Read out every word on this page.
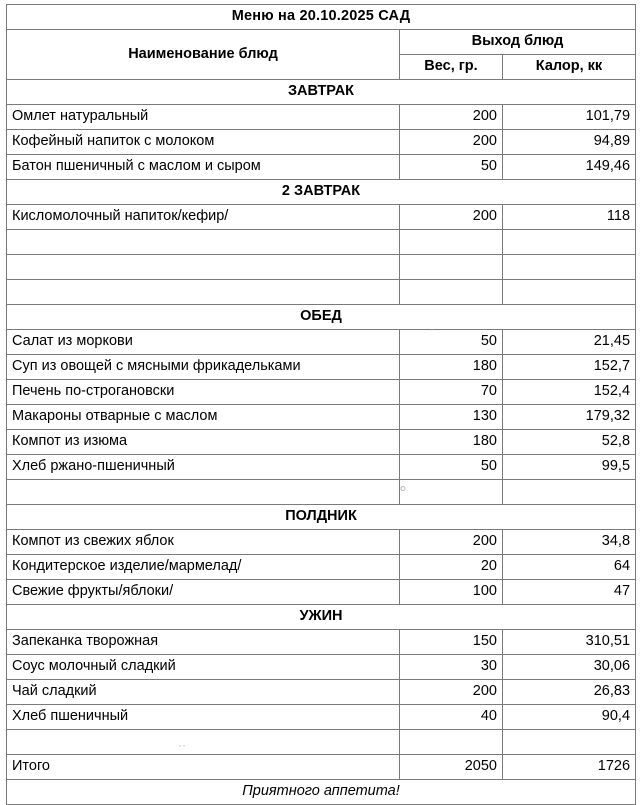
Меню на 20.10.2025 САД		
Наименование блюд	Выход блюд	
	Вес, гр.	Калор, кк
ЗАВТРАК		
Омлет натуральный	200	101,79
Кофейный напиток с молоком	200	94,89
Батон пшеничный с маслом и сыром	50	149,46
2 ЗАВТРАК		
Кисломолочный напиток/кефир/	200	118

ОБЕД		
Салат из моркови	50	21,45
Суп из овощей с мясными фрикадельками	180	152,7
Печень по-строгановски	70	152,4
Макароны отварные с маслом	130	179,32
Компот из изюма	180	52,8
Хлеб ржано-пшеничный	50	99,5

ПОЛДНИК		
Компот из свежих яблок	200	34,8
Кондитерское изделие/мармелад/	20	64
Свежие фрукты/яблоки/	100	47
УЖИН		
Запеканка творожная	150	310,51
Соус молочный сладкий	30	30,06
Чай сладкий	200	26,83
Хлеб пшеничный	40	90,4

Итого	2050	1726
Приятного аппетита!		
·
∘
··
